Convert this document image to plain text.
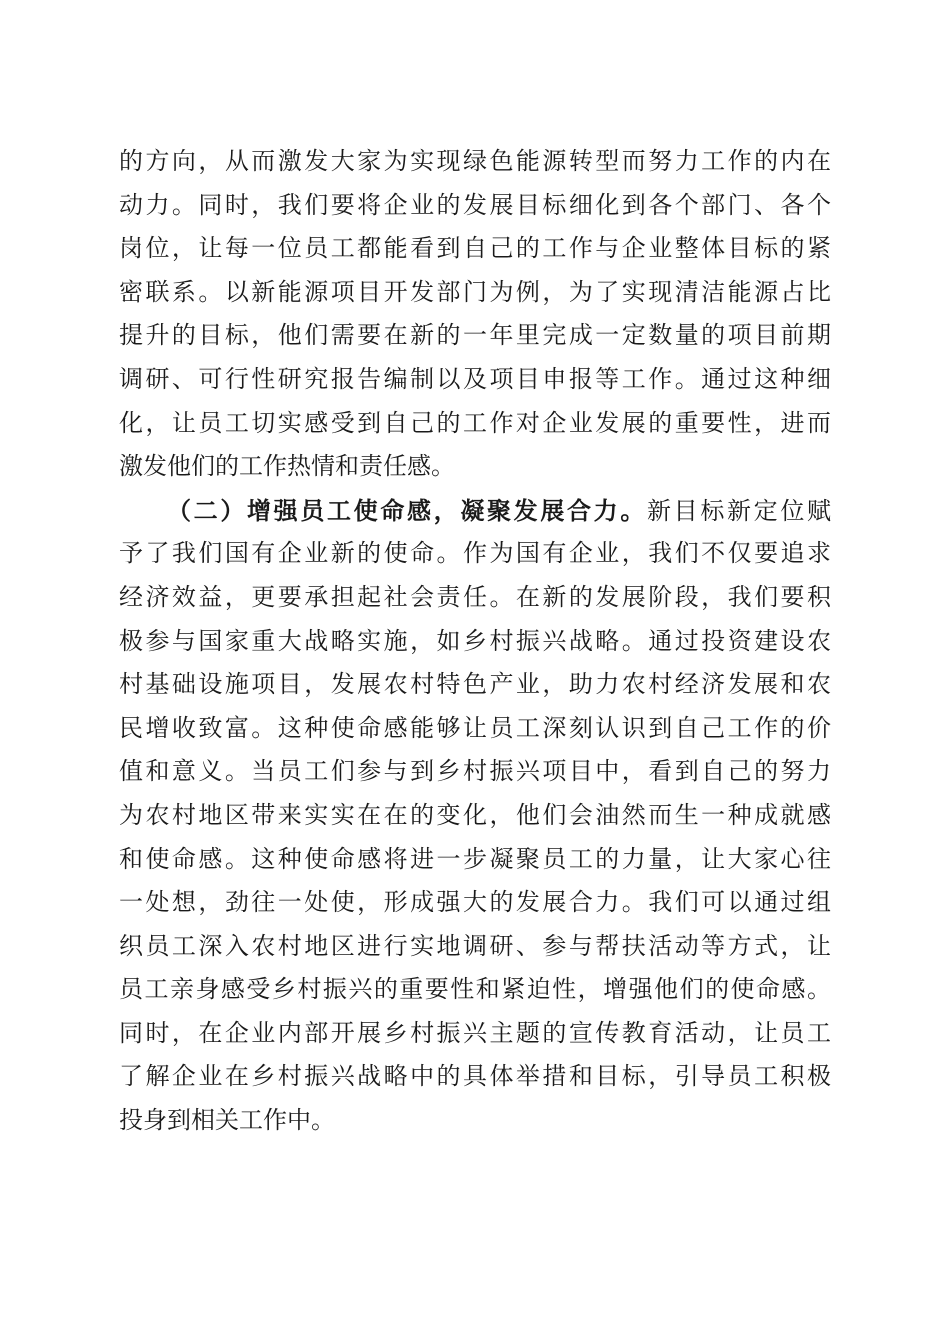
的方向，从而激发大家为实现绿色能源转型而努力工作的内在
动力。同时，我们要将企业的发展目标细化到各个部门、各个
岗位，让每一位员工都能看到自己的工作与企业整体目标的紧
密联系。以新能源项目开发部门为例，为了实现清洁能源占比
提升的目标，他们需要在新的一年里完成一定数量的项目前期
调研、可行性研究报告编制以及项目申报等工作。通过这种细
化，让员工切实感受到自己的工作对企业发展的重要性，进而
激发他们的工作热情和责任感。
（二）增强员工使命感，凝聚发展合力。新目标新定位赋
予了我们国有企业新的使命。作为国有企业，我们不仅要追求
经济效益，更要承担起社会责任。在新的发展阶段，我们要积
极参与国家重大战略实施，如乡村振兴战略。通过投资建设农
村基础设施项目，发展农村特色产业，助力农村经济发展和农
民增收致富。这种使命感能够让员工深刻认识到自己工作的价
值和意义。当员工们参与到乡村振兴项目中，看到自己的努力
为农村地区带来实实在在的变化，他们会油然而生一种成就感
和使命感。这种使命感将进一步凝聚员工的力量，让大家心往
一处想，劲往一处使，形成强大的发展合力。我们可以通过组
织员工深入农村地区进行实地调研、参与帮扶活动等方式，让
员工亲身感受乡村振兴的重要性和紧迫性，增强他们的使命感。
同时，在企业内部开展乡村振兴主题的宣传教育活动，让员工
了解企业在乡村振兴战略中的具体举措和目标，引导员工积极
投身到相关工作中。
